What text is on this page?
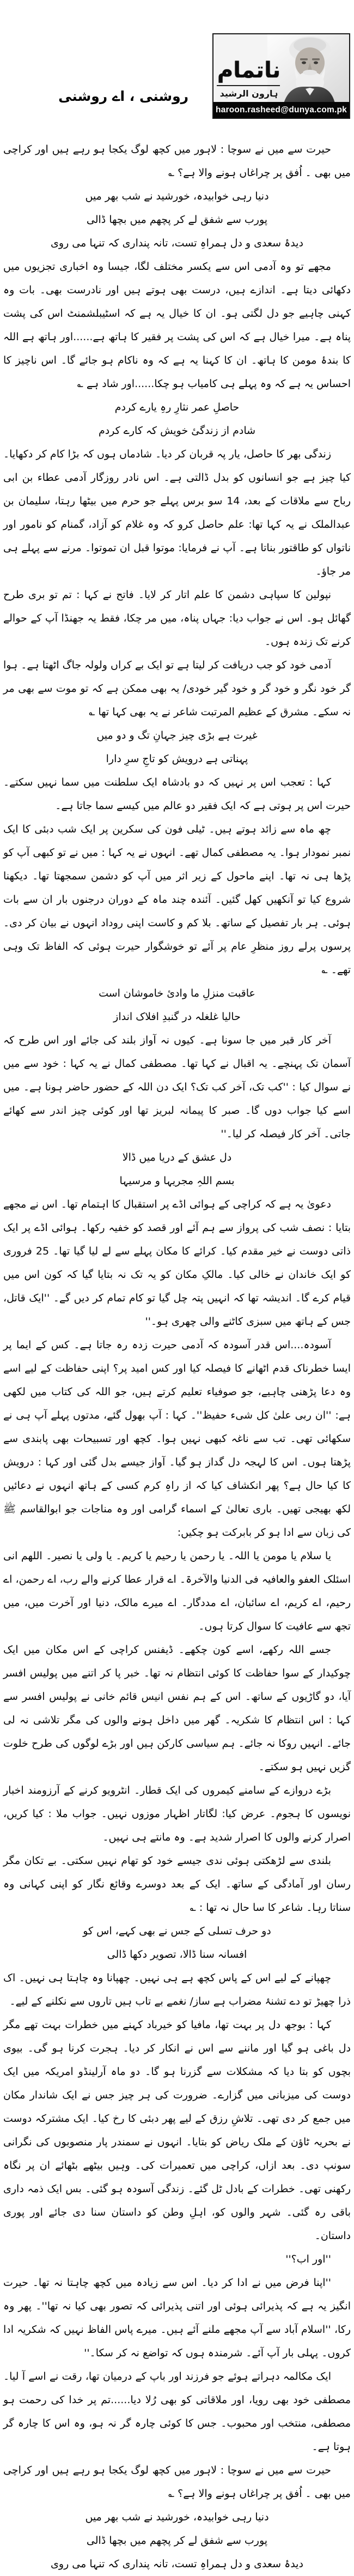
روشنی ، اے روشنی
ناتمام
ہارون الرشید
haroon.rasheed@dunya.com.pk

حیرت سے میں نے سوچا : لاہور میں کچھ لوگ یکجا ہو رہے ہیں اور کراچی میں بھی ۔ اُفق پر چراغاں ہونے والا ہے؟ ؎

دنیا رہی خوابیدہ، خورشید نے شب بھر میں
پورب سے شفق لے کر پچھم میں بچھا ڈالی
دیدۂ سعدی و دل ہمراہِ تست، تانہ پنداری کہ تنہا می روی

مجھے تو وہ آدمی اس سے یکسر مختلف لگا، جیسا وہ اخباری تجزیوں میں دکھائی دیتا ہے۔ اندازے ہیں، درست بھی ہوتے ہیں اور نادرست بھی۔ بات وہ کہنی چاہیے جو دل لگتی ہو۔ ان کا خیال یہ ہے کہ اسٹیبلشمنٹ اس کی پشت پناہ ہے۔ میرا خیال ہے کہ اس کی پشت پر فقیر کا ہاتھ ہے......اور ہاتھ ہے اللہ کا بندۂ مومن کا ہاتھ۔ ان کا کہنا یہ ہے کہ وہ ناکام ہو جائے گا۔ اس ناچیز کا احساس یہ ہے کہ وہ پہلے ہی کامیاب ہو چکا......اور شاد ہے ؎

حاصلِ عمر نثارِ رہِ یارے کردم
شادم از زندگیٔ خویش کہ کارے کردم

زندگی بھر کا حاصل، یار پہ قربان کر دیا۔ شادماں ہوں کہ بڑا کام کر دکھایا۔ کیا چیز ہے جو انسانوں کو بدل ڈالتی ہے۔ اس نادر روزگار آدمی عطاء بن ابی رباح سے ملاقات کے بعد، 14 سو برس پہلے جو حرم میں بیٹھا رہتا، سلیمان بن عبدالملک نے یہ کہا تھا: علم حاصل کرو کہ وہ غلام کو آزاد، گمنام کو نامور اور ناتواں کو طاقتور بناتا ہے۔ آپ نے فرمایا: موتوا قبل ان تموتوا۔ مرنے سے پہلے ہی مر جاؤ۔

نپولین کا سپاہی دشمن کا علم اتار کر لایا۔ فاتح نے کہا : تم تو بری طرح گھائل ہو۔ اس نے جواب دیا: جہاں پناہ، میں مر چکا، فقط یہ جھنڈا آپ کے حوالے کرنے تک زندہ ہوں۔

آدمی خود کو جب دریافت کر لیتا ہے تو ایک بے کراں ولولہ جاگ اٹھتا ہے۔ ہوا گر خود نگر و خود گر و خود گیر خودی/ یہ بھی ممکن ہے کہ تو موت سے بھی مر نہ سکے۔ مشرق کے عظیم المرتبت شاعر نے یہ بھی کہا تھا ؎

غیرت ہے بڑی چیز جہانِ تگ و دو میں
پہناتی ہے درویش کو تاجِ سرِ دارا

کہا : تعجب اس پر نہیں کہ دو بادشاہ ایک سلطنت میں سما نہیں سکتے۔ حیرت اس پر ہوتی ہے کہ ایک فقیر دو عالم میں کیسے سما جاتا ہے۔

چھ ماہ سے زائد ہوتے ہیں۔ ٹیلی فون کی سکرین پر ایک شب دبئی کا ایک نمبر نمودار ہوا۔ یہ مصطفی کمال تھے۔ انہوں نے یہ کہا : میں نے تو کبھی آپ کو پڑھا ہی نہ تھا۔ اپنے ماحول کے زیر اثر میں آپ کو دشمن سمجھتا تھا۔ دیکھنا شروع کیا تو آنکھیں کھل گئیں۔ آئندہ چند ماہ کے دوران درجنوں بار ان سے بات ہوئی۔ ہر بار تفصیل کے ساتھ۔ بلا کم و کاست اپنی روداد انہوں نے بیان کر دی۔ پرسوں پرلے روز منظرِ عام پر آئے تو خوشگوار حیرت ہوئی کہ الفاظ تک وہی تھے۔ ؎

عاقبت منزلِ ما وادیٔ خاموشان است
حالیا غلغلہ در گنبدِ افلاک انداز

آخر کار قبر میں جا سونا ہے۔ کیوں نہ آواز بلند کی جائے اور اس طرح کہ آسمان تک پہنچے۔ یہ اقبال نے کہا تھا۔ مصطفی کمال نے یہ کہا : خود سے میں نے سوال کیا : ''کب تک، آخر کب تک؟ ایک دن اللہ کے حضور حاضر ہونا ہے۔ میں اسے کیا جواب دوں گا۔ صبر کا پیمانہ لبریز تھا اور کوئی چیز اندر سے کھائے جاتی۔ آخر کار فیصلہ کر لیا۔''

دل عشق کے دریا میں ڈالا
بسم اللہِ مجریہا و مرسیہا

دعویٰ یہ ہے کہ کراچی کے ہوائی اڈے پر استقبال کا اہتمام تھا۔ اس نے مجھے بتایا : نصف شب کی پرواز سے ہم آئے اور قصد کو خفیہ رکھا۔ ہوائی اڈے پر ایک ذاتی دوست نے خیر مقدم کیا۔ کرائے کا مکان پہلے سے لے لیا گیا تھا۔ 25 فروری کو ایک خاندان نے خالی کیا۔ مالکِ مکان کو یہ تک نہ بتایا گیا کہ کون اس میں قیام کرے گا۔ اندیشہ تھا کہ انہیں پتہ چل گیا تو کام تمام کر دیں گے۔ ''ایک قاتل، جس کے ہاتھ میں سبزی کاٹنے والی چھری ہو۔''

آسودہ....اس قدر آسودہ کہ آدمی حیرت زدہ رہ جاتا ہے۔ کس کے ایما پر ایسا خطرناک قدم اٹھانے کا فیصلہ کیا اور کس امید پر؟ اپنی حفاظت کے لیے اسے وہ دعا پڑھنی چاہیے، جو صوفیاء تعلیم کرتے ہیں، جو اللہ کی کتاب میں لکھی ہے: ''ان ربی علیٰ کل شیء حفیظ''۔ کہا : آپ بھول گئے، مدتوں پہلے آپ ہی نے سکھائی تھی۔ تب سے ناغہ کبھی نہیں ہوا۔ کچھ اور تسبیحات بھی پابندی سے پڑھتا ہوں۔ اس کا لہجہ دل گداز ہو گیا۔ آواز جیسے بدل گئی اور کہا : درویش کا کیا حال ہے؟ پھر انکشاف کیا کہ از راہِ کرم کسی کے ہاتھ انہوں نے دعائیں لکھ بھیجی تھیں۔ باری تعالیٰ کے اسماء گرامی اور وہ مناجات جو ابوالقاسم ﷺ کی زبان سے ادا ہو کر بابرکت ہو چکیں:

یا سلام یا مومن یا اللہ۔ یا رحمن یا رحیم یا کریم۔ یا ولی یا نصیر۔ اللھم انی اسئلک العفو والعافیہ فی الدنیا والآخرۃ۔ اے قرار عطا کرنے والے رب، اے رحمن، اے رحیم، اے کریم، اے سائبان، اے مددگار۔ اے میرے مالک، دنیا اور آخرت میں، میں تجھ سے عافیت کا سوال کرتا ہوں۔

جسے اللہ رکھے، اسے کون چکھے۔ ڈیفنس کراچی کے اس مکان میں ایک چوکیدار کے سوا حفاظت کا کوئی انتظام نہ تھا۔ خبر پا کر اتنے میں پولیس افسر آیا، دو گاڑیوں کے ساتھ۔ اس کے ہم نفس انیس قائم خانی نے پولیس افسر سے کہا : اس انتظام کا شکریہ۔ گھر میں داخل ہونے والوں کی مگر تلاشی نہ لی جائے۔ انہیں روکا نہ جائے۔ ہم سیاسی کارکن ہیں اور بڑے لوگوں کی طرح خلوت گزیں نہیں ہو سکتے۔

بڑے دروازے کے سامنے کیمروں کی ایک قطار۔ انٹرویو کرنے کے آرزومند اخبار نویسوں کا ہجوم۔ عرض کیا: لگاتار اظہار موزوں نہیں۔ جواب ملا : کیا کریں، اصرار کرنے والوں کا اصرار شدید ہے۔ وہ مانتے ہی نہیں۔

بلندی سے لڑھکتی ہوئی ندی جیسے خود کو تھام نہیں سکتی۔ بے تکان مگر رسان اور آمادگی کے ساتھ۔ ایک کے بعد دوسرے وقائع نگار کو اپنی کہانی وہ سناتا رہا۔ شاعر کا سا حال نہ تھا : ؎

دو حرف تسلی کے جس نے بھی کہے، اس کو
افسانہ سنا ڈالا، تصویر دکھا ڈالی

چھپانے کے لیے اس کے پاس کچھ ہے ہی نہیں۔ چھپانا وہ چاہتا ہی نہیں۔ اک ذرا چھیڑ تو دے تشنۂ مضراب ہے ساز/ نغمے بے تاب ہیں تاروں سے نکلنے کے لیے۔

کہا : بوجھ دل پر بہت تھا، مافیا کو خیرباد کہنے میں خطرات بہت تھے مگر دل باغی ہو گیا اور ماننے سے اس نے انکار کر دیا۔ ہجرت کرنا ہو گی۔ بیوی بچوں کو بتا دیا کہ مشکلات سے گزرنا ہو گا۔ دو ماہ آرلینڈو امریکہ میں ایک دوست کی میزبانی میں گزارے۔ ضرورت کی ہر چیز جس نے ایک شاندار مکان میں جمع کر دی تھی۔ تلاشِ رزق کے لیے پھر دبئی کا رخ کیا۔ ایک مشترکہ دوست نے بحریہ ٹاؤن کے ملک ریاض کو بتایا۔ انہوں نے سمندر پار منصوبوں کی نگرانی سونپ دی۔ بعد ازاں، کراچی میں تعمیرات کی۔ وہیں بیٹھے بٹھائے ان پر نگاہ رکھنی تھی۔ خطرات کے بادل ٹل گئے۔ زندگی آسودہ ہو گئی۔ بس ایک ذمہ داری باقی رہ گئی۔ شہر والوں کو، اہلِ وطن کو داستان سنا دی جائے اور پوری داستان۔

''اور اب؟''

''اپنا فرض میں نے ادا کر دیا۔ اس سے زیادہ میں کچھ چاہتا نہ تھا۔ حیرت انگیز یہ ہے کہ پذیرائی ہوئی اور اتنی پذیرائی کہ تصور بھی کیا نہ تھا''۔ پھر وہ رکا، ''اسلام آباد سے آپ مجھے ملنے آئے ہیں۔ میرے پاس الفاظ نہیں کہ شکریہ ادا کروں۔ پہلی بار آپ آئے۔ شرمندہ ہوں کہ تواضع نہ کر سکا۔''

ایک مکالمہ دہراتے ہوئے جو فرزند اور باپ کے درمیان تھا، رقت نے اسے آ لیا۔ مصطفی خود بھی رویا، اور ملاقاتی کو بھی رُلا دیا......تم پر خدا کی رحمت ہو مصطفی، منتخب اور محبوب۔ جس کا کوئی چارہ گر نہ ہو، وہ اس کا چارہ گر ہوتا ہے۔

حیرت سے میں نے سوچا : لاہور میں کچھ لوگ یکجا ہو رہے ہیں اور کراچی میں بھی ۔ اُفق پر چراغاں ہونے والا ہے؟ ؎

دنیا رہی خوابیدہ، خورشید نے شب بھر میں
پورب سے شفق لے کر پچھم میں بچھا ڈالی
دیدۂ سعدی و دل ہمراہِ تست، تانہ پنداری کہ تنہا می روی
